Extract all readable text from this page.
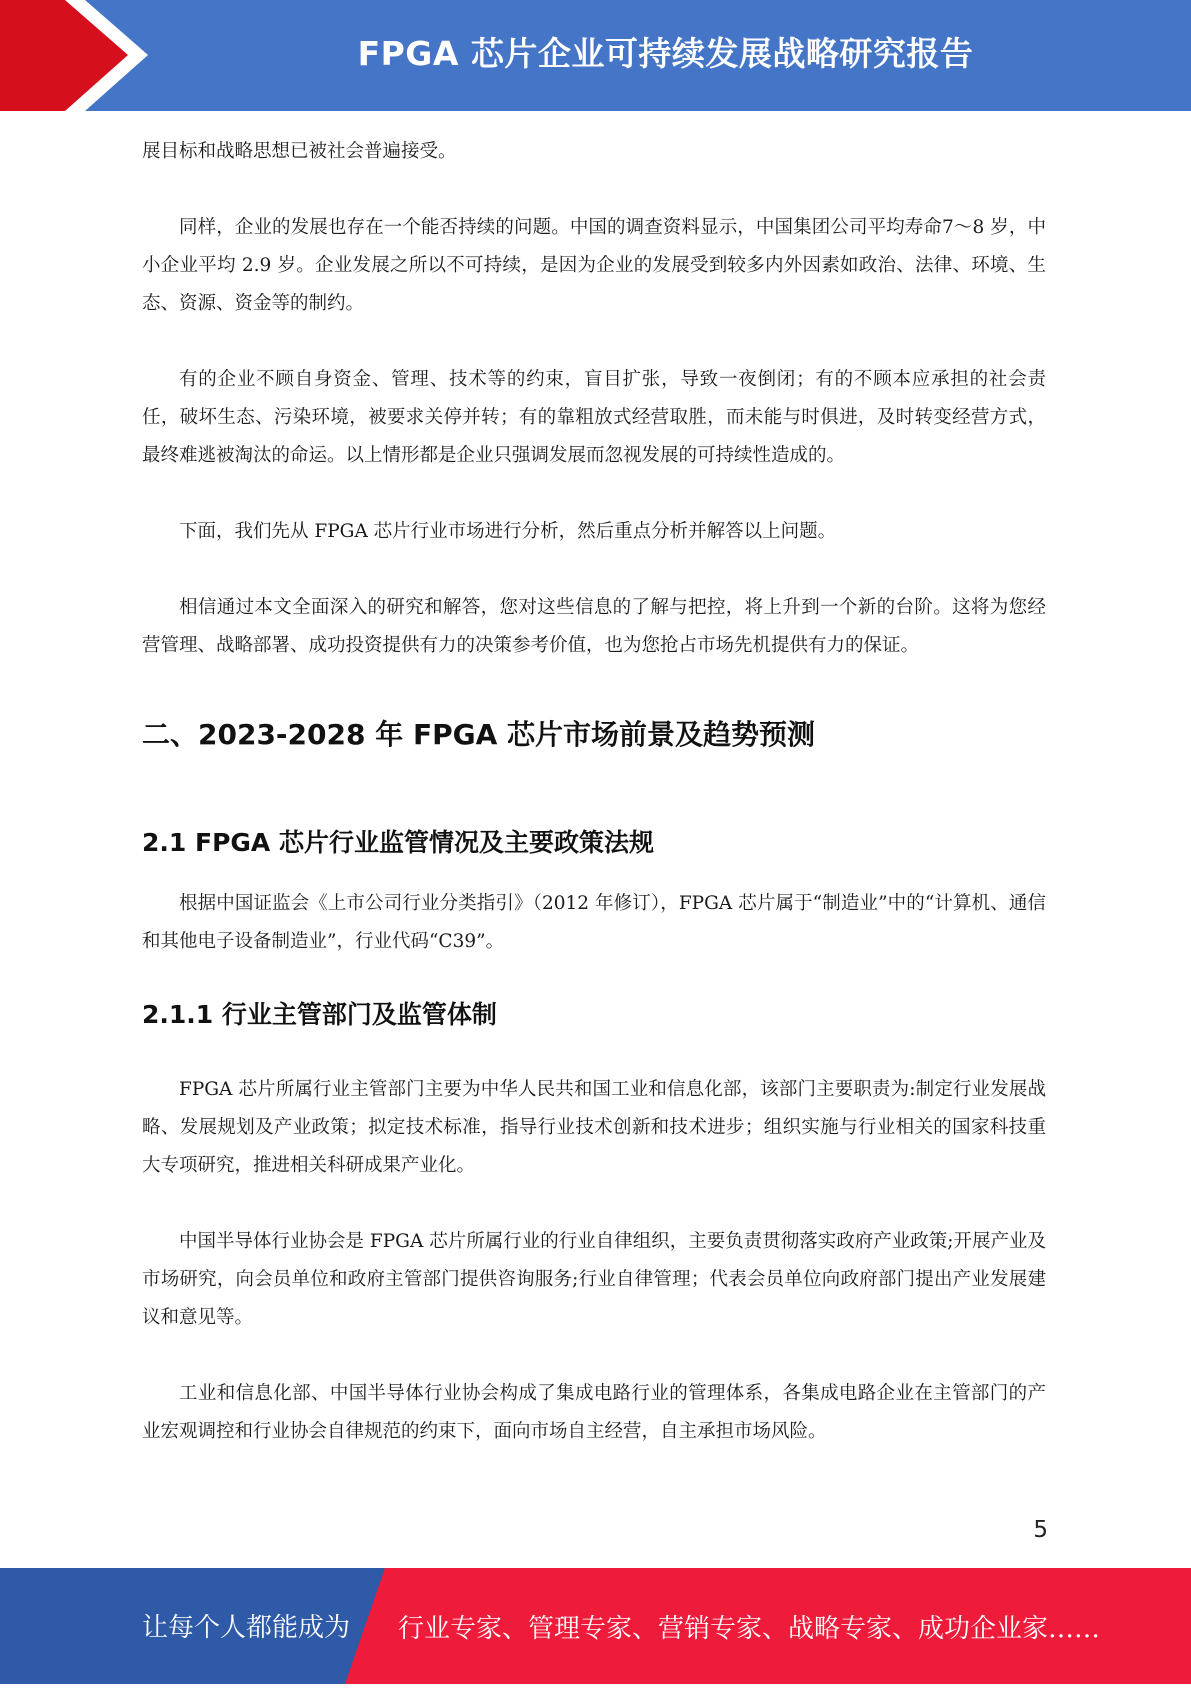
FPGA 芯片企业可持续发展战略研究报告

展目标和战略思想已被社会普遍接受。

同样，企业的发展也存在一个能否持续的问题。中国的调查资料显示，中国集团公司平均寿命7～8 岁，中小企业平均 2.9 岁。企业发展之所以不可持续，是因为企业的发展受到较多内外因素如政治、法律、环境、生态、资源、资金等的制约。

有的企业不顾自身资金、管理、技术等的约束，盲目扩张，导致一夜倒闭；有的不顾本应承担的社会责任，破坏生态、污染环境，被要求关停并转；有的靠粗放式经营取胜，而未能与时俱进，及时转变经营方式，最终难逃被淘汰的命运。以上情形都是企业只强调发展而忽视发展的可持续性造成的。

下面，我们先从 FPGA 芯片行业市场进行分析，然后重点分析并解答以上问题。

相信通过本文全面深入的研究和解答，您对这些信息的了解与把控，将上升到一个新的台阶。这将为您经营管理、战略部署、成功投资提供有力的决策参考价值，也为您抢占市场先机提供有力的保证。

二、2023-2028 年 FPGA 芯片市场前景及趋势预测
2.1 FPGA 芯片行业监管情况及主要政策法规

根据中国证监会《上市公司行业分类指引》（2012 年修订），FPGA 芯片属于“制造业”中的“计算机、通信和其他电子设备制造业”，行业代码“C39”。

2.1.1 行业主管部门及监管体制

FPGA 芯片所属行业主管部门主要为中华人民共和国工业和信息化部，该部门主要职责为:制定行业发展战略、发展规划及产业政策；拟定技术标准，指导行业技术创新和技术进步；组织实施与行业相关的国家科技重大专项研究，推进相关科研成果产业化。

中国半导体行业协会是 FPGA 芯片所属行业的行业自律组织，主要负责贯彻落实政府产业政策;开展产业及市场研究，向会员单位和政府主管部门提供咨询服务;行业自律管理；代表会员单位向政府部门提出产业发展建议和意见等。

工业和信息化部、中国半导体行业协会构成了集成电路行业的管理体系，各集成电路企业在主管部门的产业宏观调控和行业协会自律规范的约束下，面向市场自主经营，自主承担市场风险。

5
让每个人都能成为 行业专家、管理专家、营销专家、战略专家、成功企业家……
